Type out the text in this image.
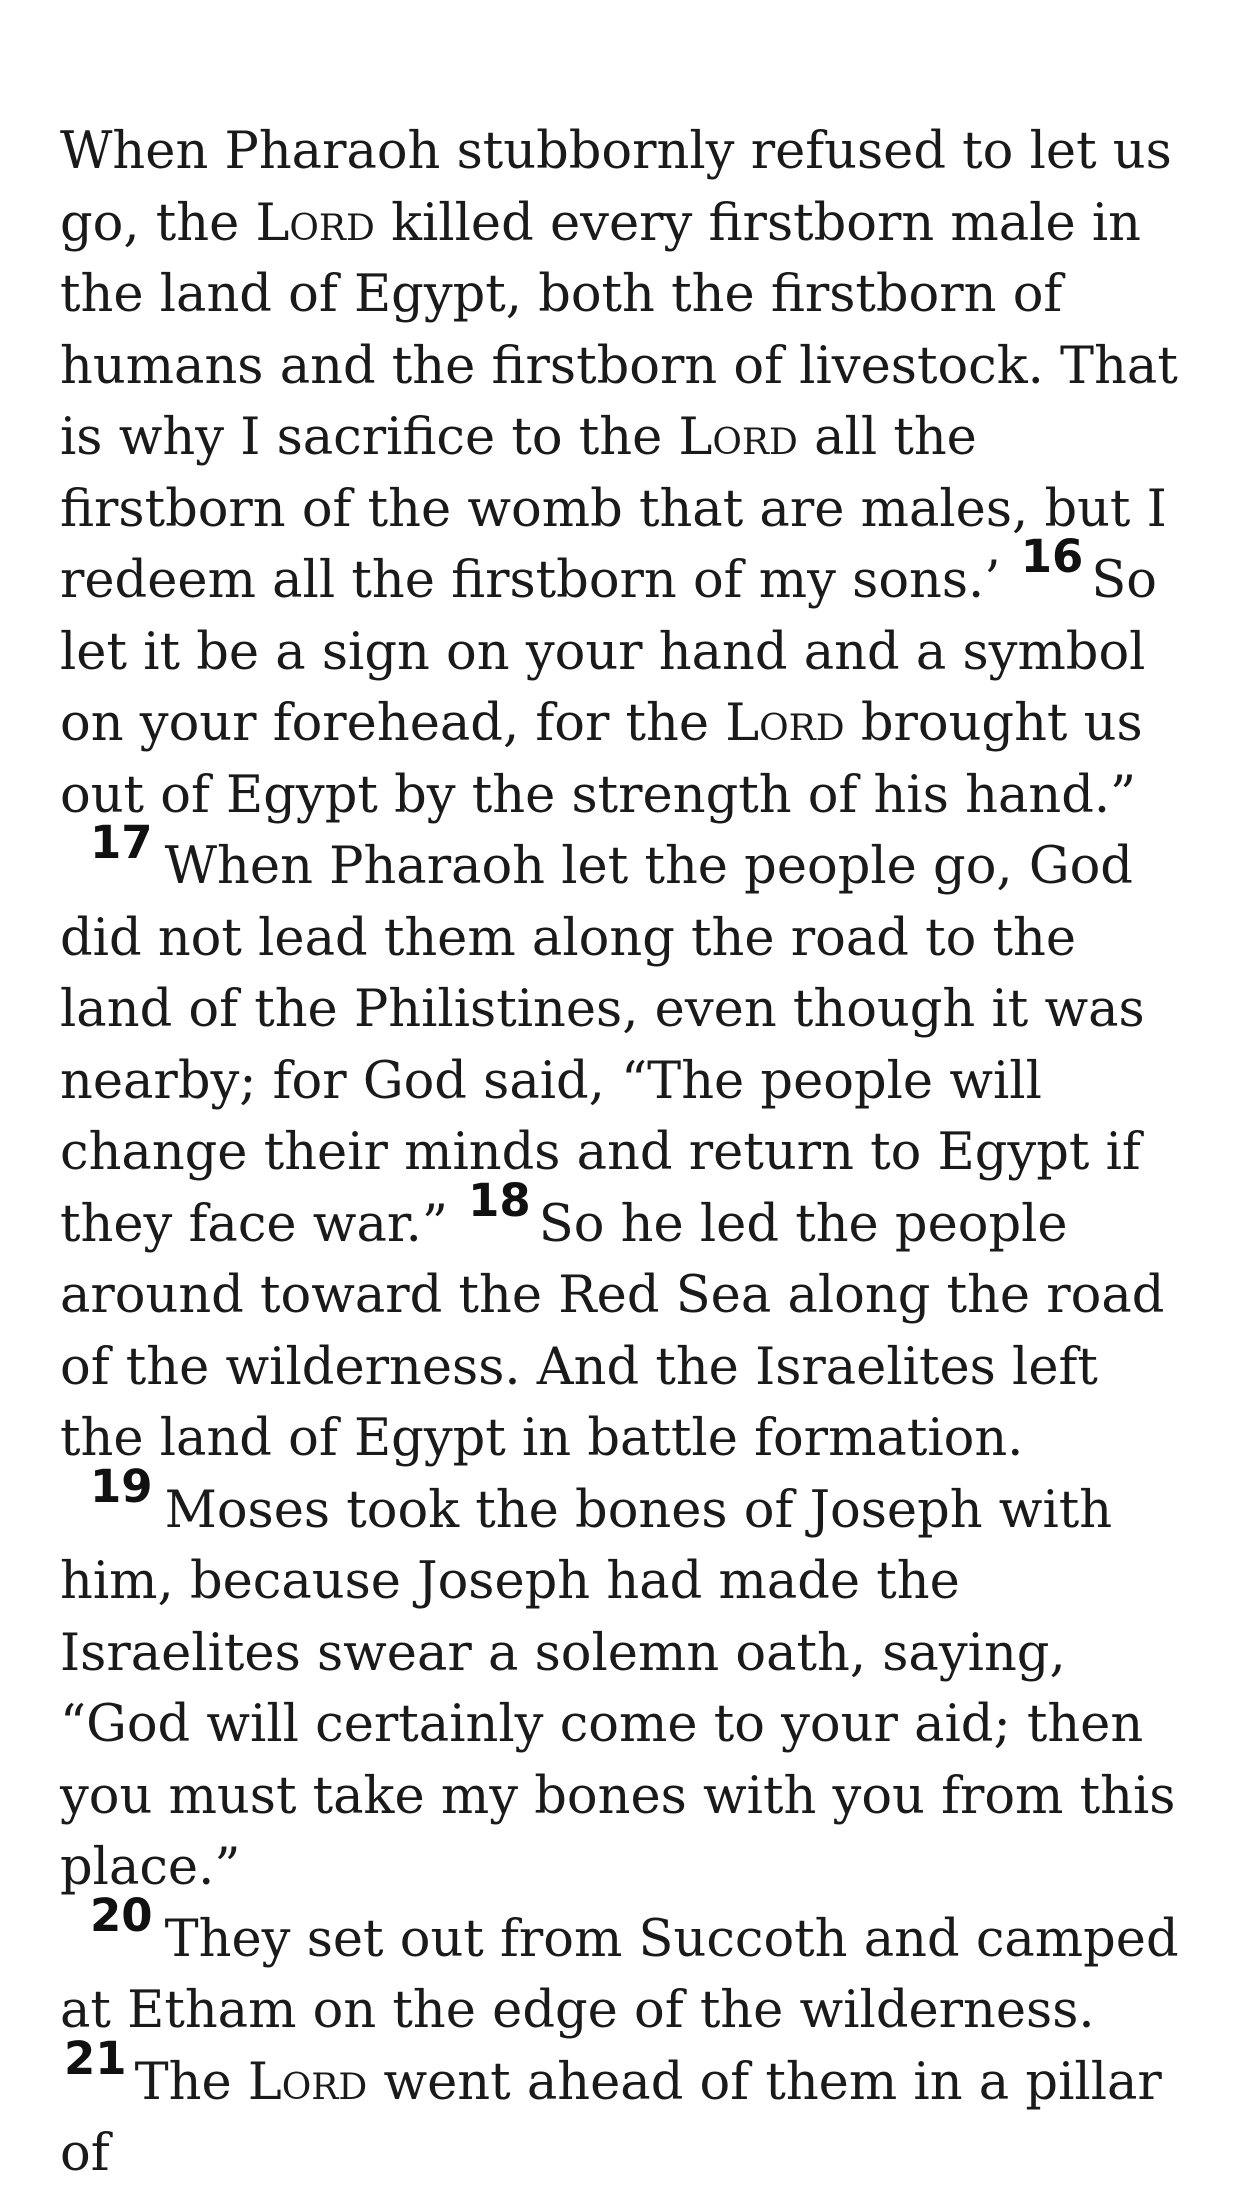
When Pharaoh stubbornly refused to let us go, the Lord killed every firstborn male in the land of Egypt, both the firstborn of humans and the firstborn of livestock. That is why I sacrifice to the Lord all the firstborn of the womb that are males, but I redeem all the firstborn of my sons.’ 16 So let it be a sign on your hand and a symbol on your forehead, for the Lord brought us out of Egypt by the strength of his hand.”

17 When Pharaoh let the people go, God did not lead them along the road to the land of the Philistines, even though it was nearby; for God said, “The people will change their minds and return to Egypt if they face war.” 18 So he led the people around toward the Red Sea along the road of the wilderness. And the Israelites left the land of Egypt in battle formation.

19 Moses took the bones of Joseph with him, because Joseph had made the Israelites swear a solemn oath, saying, “God will certainly come to your aid; then you must take my bones with you from this place.”

20 They set out from Succoth and camped at Etham on the edge of the wilderness. 21 The Lord went ahead of them in a pillar of
